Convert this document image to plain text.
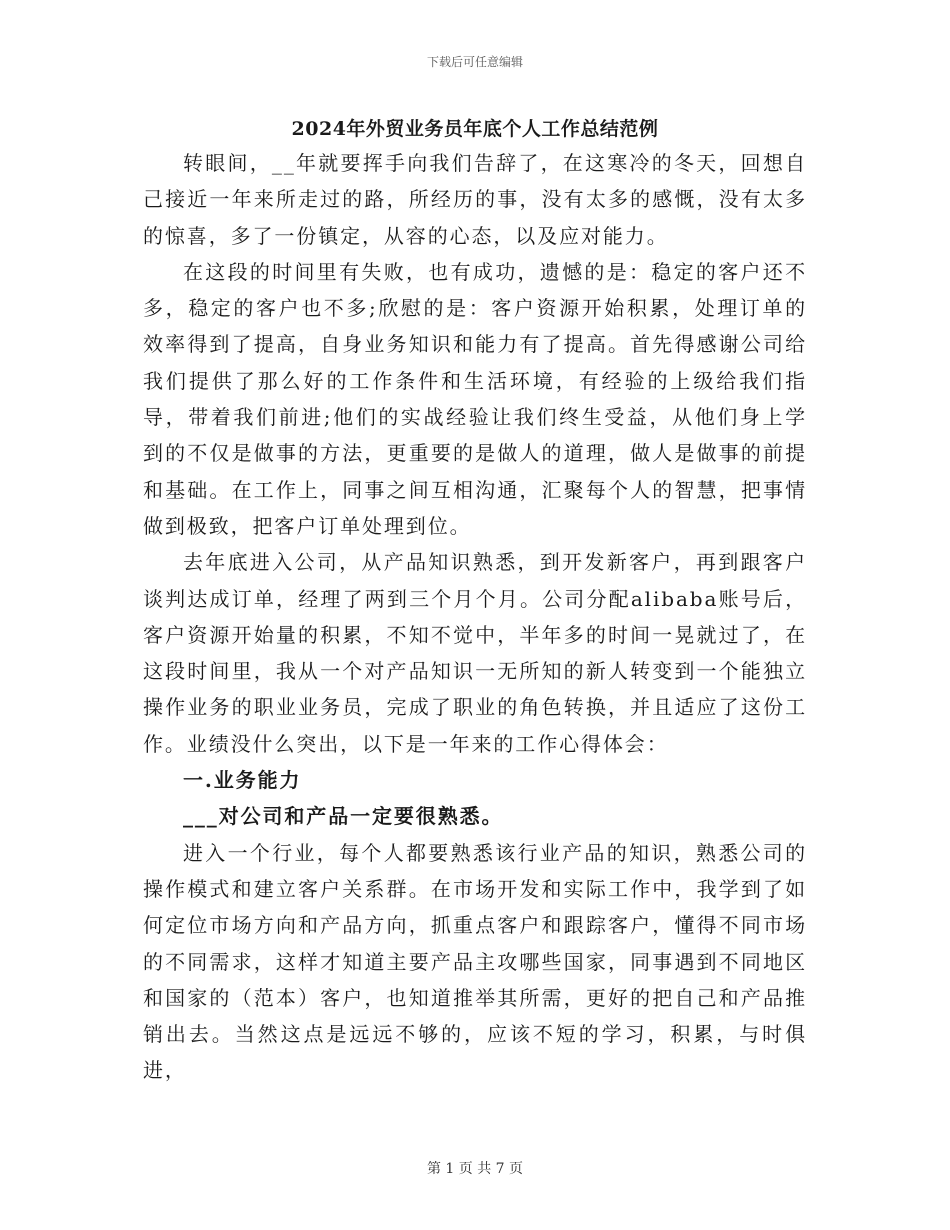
下载后可任意编辑
2024年外贸业务员年底个人工作总结范例

转眼间，__年就要挥手向我们告辞了，在这寒冷的冬天，回想自己接近一年来所走过的路，所经历的事，没有太多的感慨，没有太多的惊喜，多了一份镇定，从容的心态，以及应对能力。

在这段的时间里有失败，也有成功，遗憾的是：稳定的客户还不多，稳定的客户也不多;欣慰的是：客户资源开始积累，处理订单的效率得到了提高，自身业务知识和能力有了提高。首先得感谢公司给我们提供了那么好的工作条件和生活环境，有经验的上级给我们指导，带着我们前进;他们的实战经验让我们终生受益，从他们身上学到的不仅是做事的方法，更重要的是做人的道理，做人是做事的前提和基础。在工作上，同事之间互相沟通，汇聚每个人的智慧，把事情做到极致，把客户订单处理到位。

去年底进入公司，从产品知识熟悉，到开发新客户，再到跟客户谈判达成订单，经理了两到三个月个月。公司分配alibaba账号后，客户资源开始量的积累，不知不觉中，半年多的时间一晃就过了，在这段时间里，我从一个对产品知识一无所知的新人转变到一个能独立操作业务的职业业务员，完成了职业的角色转换，并且适应了这份工作。业绩没什么突出，以下是一年来的工作心得体会：

一.业务能力

___对公司和产品一定要很熟悉。

进入一个行业，每个人都要熟悉该行业产品的知识，熟悉公司的操作模式和建立客户关系群。在市场开发和实际工作中，我学到了如何定位市场方向和产品方向，抓重点客户和跟踪客户，懂得不同市场的不同需求，这样才知道主要产品主攻哪些国家，同事遇到不同地区和国家的（范本）客户，也知道推举其所需，更好的把自己和产品推销出去。当然这点是远远不够的，应该不短的学习，积累，与时俱进，

第 1 页 共 7 页
